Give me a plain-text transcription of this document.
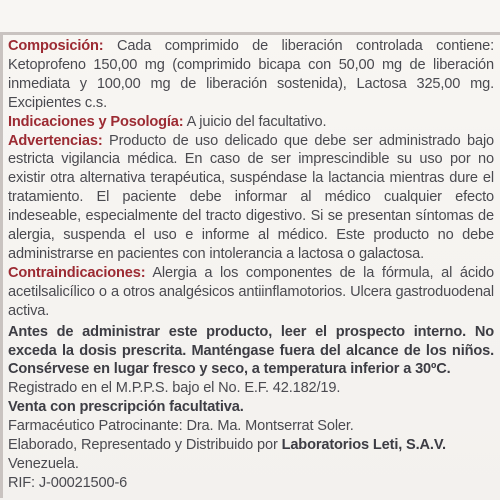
Composición: Cada comprimido de liberación controlada contiene: Ketoprofeno 150,00 mg (comprimido bicapa con 50,00 mg de liberación inmediata y 100,00 mg de liberación sostenida), Lactosa 325,00 mg. Excipientes c.s.

Indicaciones y Posología: A juicio del facultativo.

Advertencias: Producto de uso delicado que debe ser administrado bajo estricta vigilancia médica. En caso de ser imprescindible su uso por no existir otra alternativa terapéutica, suspéndase la lactancia mientras dure el tratamiento. El paciente debe informar al médico cualquier efecto indeseable, especialmente del tracto digestivo. Si se presentan síntomas de alergia, suspenda el uso e informe al médico. Este producto no debe administrarse en pacientes con intolerancia a lactosa o galactosa.

Contraindicaciones: Alergia a los componentes de la fórmula, al ácido acetilsalicílico o a otros analgésicos antiinflamotorios. Ulcera gastroduodenal activa.

Antes de administrar este producto, leer el prospecto interno. No exceda la dosis prescrita. Manténgase fuera del alcance de los niños. Consérvese en lugar fresco y seco, a temperatura inferior a 30ºC.

Registrado en el M.P.P.S. bajo el No. E.F. 42.182/19.

Venta con prescripción facultativa.

Farmacéutico Patrocinante: Dra. Ma. Montserrat Soler.

Elaborado, Representado y Distribuido por Laboratorios Leti, S.A.V. Venezuela.

RIF: J-00021500-6
